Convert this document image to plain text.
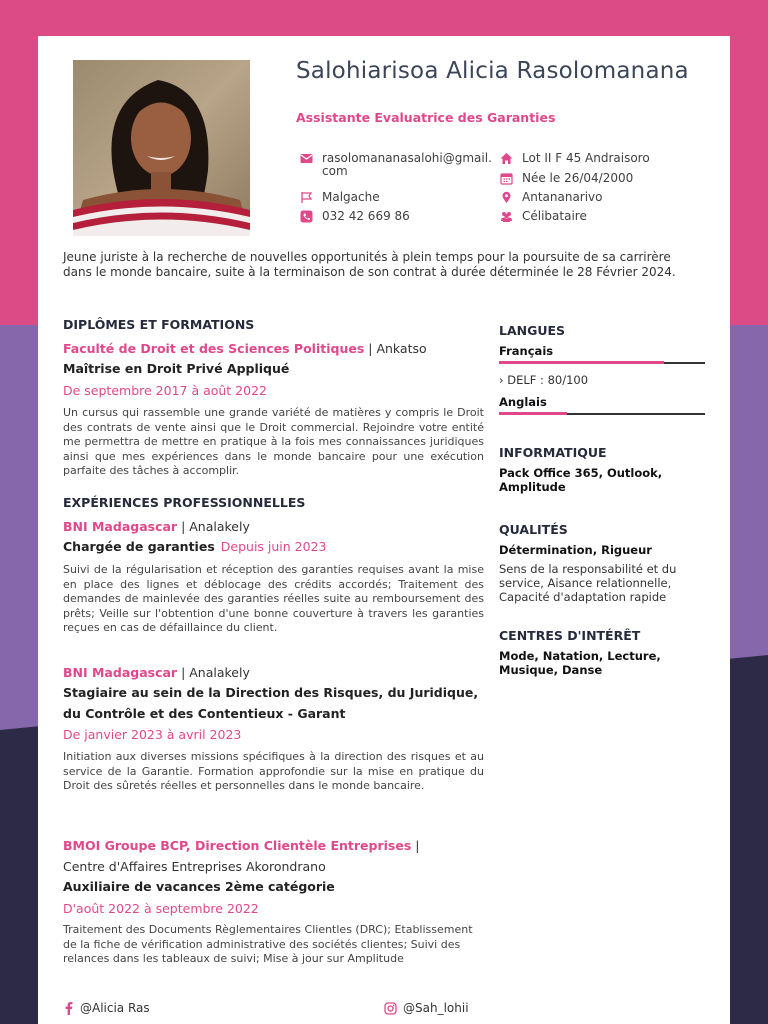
Salohiarisoa Alicia Rasolomanana
Assistante Evaluatrice des Garanties
rasolomananasalohi@gmail.com
Malgache
032 42 669 86
Lot II F 45 Andraisoro
Née le 26/04/2000
Antananarivo
Célibataire
Jeune juriste à la recherche de nouvelles opportunités à plein temps pour la poursuite de sa carrirère dans le monde bancaire, suite à la terminaison de son contrat à durée déterminée le 28 Février 2024.
DIPLÔMES ET FORMATIONS
Faculté de Droit et des Sciences Politiques | Ankatso
Maîtrise en Droit Privé Appliqué
De septembre 2017 à août 2022
Un cursus qui rassemble une grande variété de matières y compris le Droit des contrats de vente ainsi que le Droit commercial. Rejoindre votre entité me permettra de mettre en pratique à la fois mes connaissances juridiques ainsi que mes expériences dans le monde bancaire pour une exécution parfaite des tâches à accomplir.
EXPÉRIENCES PROFESSIONNELLES
BNI Madagascar | Analakely
Chargée de garanties Depuis juin 2023
Suivi de la régularisation et réception des garanties requises avant la mise en place des lignes et déblocage des crédits accordés; Traitement des demandes de mainlevée des garanties réelles suite au remboursement des prêts; Veille sur l'obtention d'une bonne couverture à travers les garanties reçues en cas de défaillaince du client.
BNI Madagascar | Analakely
Stagiaire au sein de la Direction des Risques, du Juridique, du Contrôle et des Contentieux - Garant
De janvier 2023 à avril 2023
Initiation aux diverses missions spécifiques à la direction des risques et au service de la Garantie. Formation approfondie sur la mise en pratique du Droit des sûretés réelles et personnelles dans le monde bancaire.
BMOI Groupe BCP, Direction Clientèle Entreprises |
Centre d'Affaires Entreprises Akorondrano
Auxiliaire de vacances 2ème catégorie
D'août 2022 à septembre 2022
Traitement des Documents Règlementaires Clientles (DRC); Etablissement de la fiche de vérification administrative des sociétés clientes; Suivi des relances dans les tableaux de suivi; Mise à jour sur Amplitude
LANGUES
Français
› DELF : 80/100
Anglais
INFORMATIQUE
Pack Office 365, Outlook, Amplitude
QUALITÉS
Détermination, Rigueur
Sens de la responsabilité et du service, Aisance relationnelle, Capacité d'adaptation rapide
CENTRES D'INTÉRÊT
Mode, Natation, Lecture, Musique, Danse
@Alicia Ras	@Sah_lohii
